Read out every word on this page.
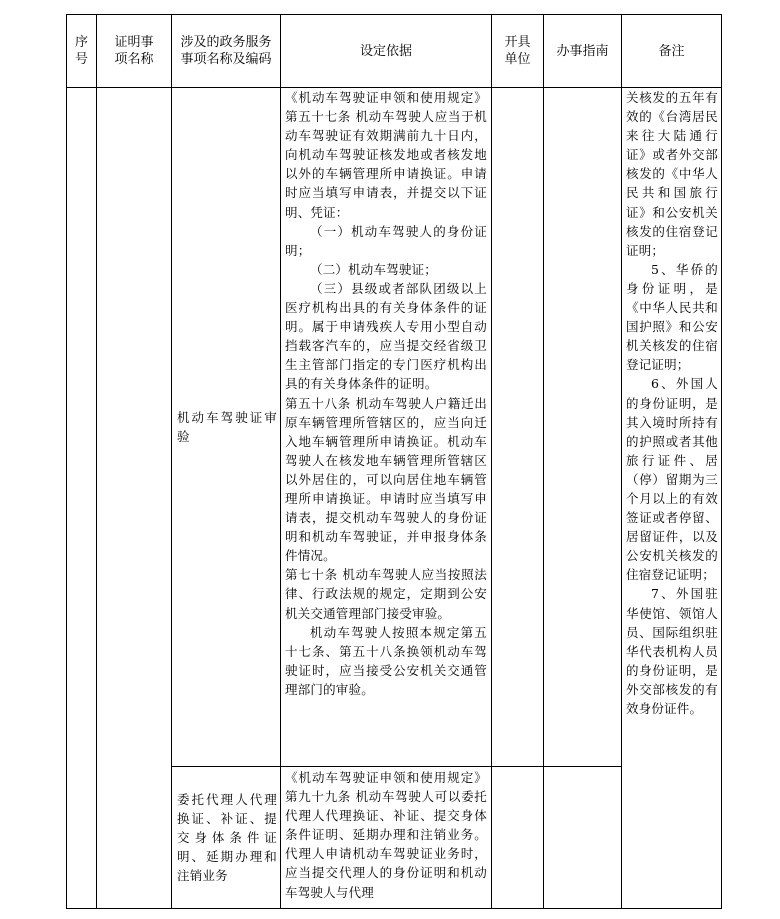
序号
证明事项名称
涉及的政务服务事项名称及编码
设定依据
开具单位
办事指南	备注

机动车驾驶证审验

《机动车驾驶证申领和使用规定》第五十七条 机动车驾驶人应当于机动车驾驶证有效期满前九十日内，向机动车驾驶证核发地或者核发地以外的车辆管理所申请换证。申请时应当填写申请表，并提交以下证明、凭证：

（一）机动车驾驶人的身份证明；

（二）机动车驾驶证；

（三）县级或者部队团级以上医疗机构出具的有关身体条件的证明。属于申请残疾人专用小型自动挡载客汽车的，应当提交经省级卫生主管部门指定的专门医疗机构出具的有关身体条件的证明。

第五十八条 机动车驾驶人户籍迁出原车辆管理所管辖区的，应当向迁入地车辆管理所申请换证。机动车驾驶人在核发地车辆管理所管辖区以外居住的，可以向居住地车辆管理所申请换证。申请时应当填写申请表，提交机动车驾驶人的身份证明和机动车驾驶证，并申报身体条件情况。

第七十条 机动车驾驶人应当按照法律、行政法规的规定，定期到公安机关交通管理部门接受审验。

机动车驾驶人按照本规定第五十七条、第五十八条换领机动车驾驶证时，应当接受公安机关交通管理部门的审验。

委托代理人代理换证、补证、提交身体条件证明、延期办理和注销业务

《机动车驾驶证申领和使用规定》第九十九条 机动车驾驶人可以委托代理人代理换证、补证、提交身体条件证明、延期办理和注销业务。代理人申请机动车驾驶证业务时，应当提交代理人的身份证明和机动车驾驶人与代理

关核发的五年有效的《台湾居民来往大陆通行证》或者外交部核发的《中华人民共和国旅行证》和公安机关核发的住宿登记证明；

5、华侨的身份证明，是《中华人民共和国护照》和公安机关核发的住宿登记证明；

6、外国人的身份证明，是其入境时所持有的护照或者其他旅行证件、居（停）留期为三个月以上的有效签证或者停留、居留证件，以及公安机关核发的住宿登记证明；

7、外国驻华使馆、领馆人员、国际组织驻华代表机构人员的身份证明，是外交部核发的有效身份证件。
